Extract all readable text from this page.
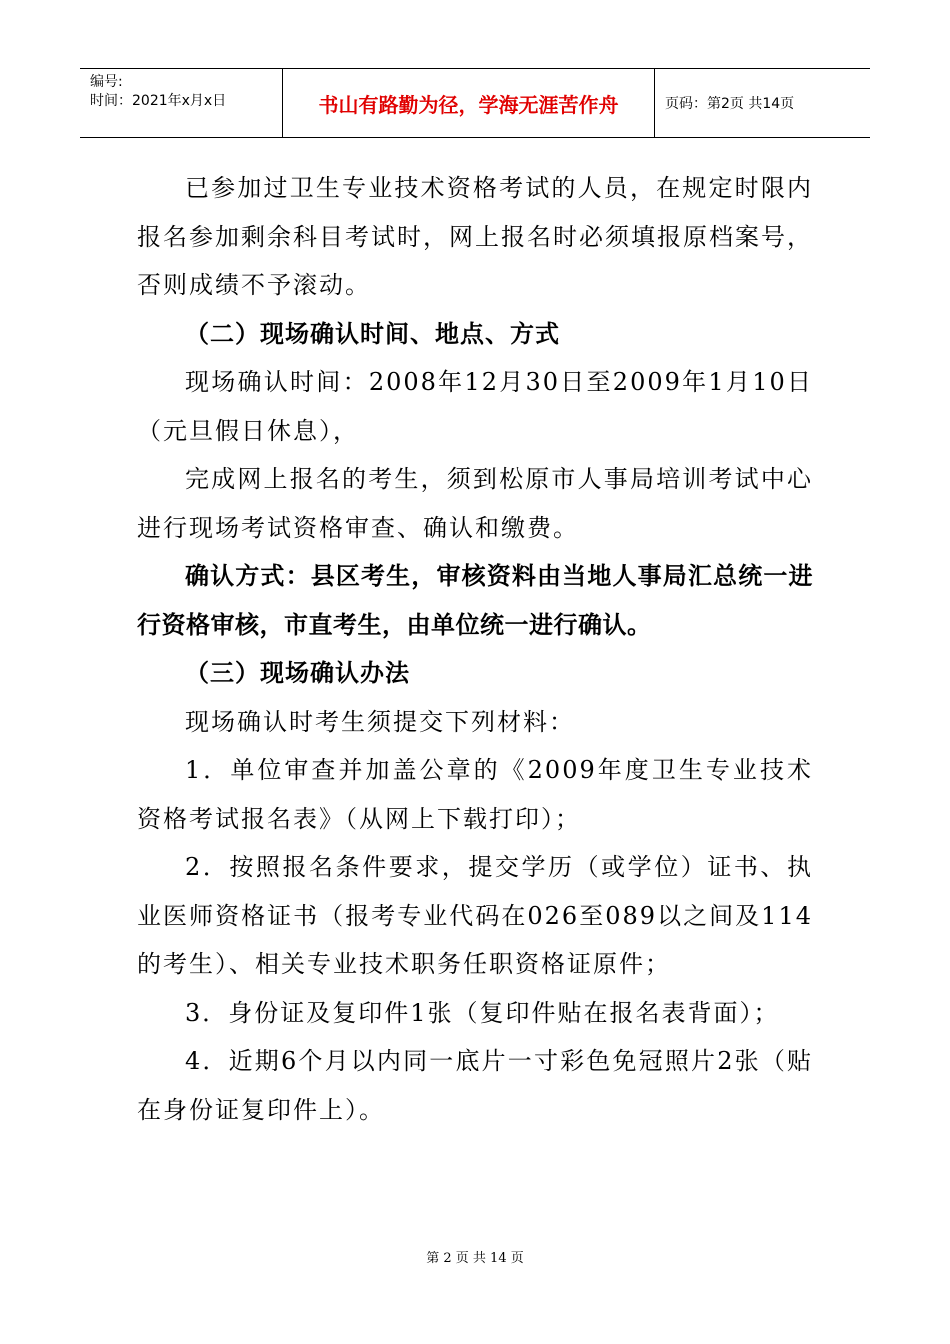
编号:
时间：2021年x月x日	书山有路勤为径，学海无涯苦作舟	页码：第2页 共14页

已参加过卫生专业技术资格考试的人员，在规定时限内报名参加剩余科目考试时，网上报名时必须填报原档案号，否则成绩不予滚动。

（二）现场确认时间、地点、方式

现场确认时间：2008年12月30日至2009年1月10日（元旦假日休息），

完成网上报名的考生，须到松原市人事局培训考试中心进行现场考试资格审查、确认和缴费。

确认方式：县区考生，审核资料由当地人事局汇总统一进行资格审核，市直考生，由单位统一进行确认。

（三）现场确认办法

现场确认时考生须提交下列材料：

1．单位审查并加盖公章的《2009年度卫生专业技术资格考试报名表》（从网上下载打印）；

2．按照报名条件要求，提交学历（或学位）证书、执业医师资格证书（报考专业代码在026至089以之间及114的考生）、相关专业技术职务任职资格证原件；

3．身份证及复印件1张（复印件贴在报名表背面）；

4．近期6个月以内同一底片一寸彩色免冠照片2张（贴在身份证复印件上）。

第 2 页 共 14 页
